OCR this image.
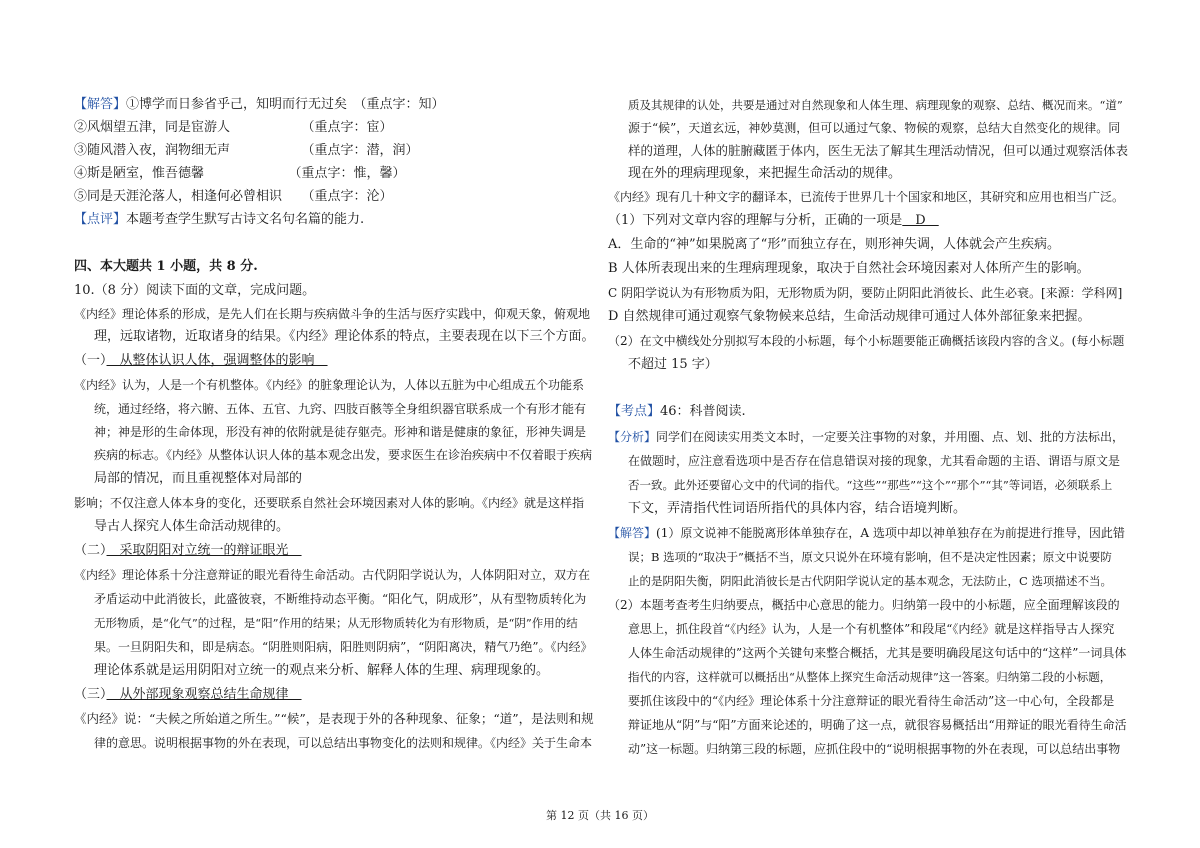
【解答】①博学而日参省乎己，知明而行无过矣　（重点字：知）
②风烟望五津，同是宦游人　　　　　　（重点字：宦）
③随风潜入夜，润物细无声　　　　　　（重点字：潜，润）
④斯是陋室，惟吾德馨　　　　　　　（重点字：惟，馨）
⑤同是天涯沦落人，相逢何必曾相识　　（重点字：沦）
【点评】本题考查学生默写古诗文名句名篇的能力.
四、本大题共 1 小题，共 8 分.
10.（8 分）阅读下面的文章，完成问题。
《内经》理论体系的形成，是先人们在长期与疾病做斗争的生活与医疗实践中，仰观天象，俯观地
理，远取诸物，近取诸身的结果。《内经》理论体系的特点，主要表现在以下三个方面。
（一）　从整体认识人体，强调整体的影响　
《内经》认为，人是一个有机整体。《内经》的脏象理论认为，人体以五脏为中心组成五个功能系
统，通过经络，将六腑、五体、五官、九窍、四肢百骸等全身组织器官联系成一个有形才能有
神；神是形的生命体现，形没有神的依附就是徒存躯壳。形神和谐是健康的象征，形神失调是
疾病的标志。《内经》从整体认识人体的基本观念出发，要求医生在诊治疾病中不仅着眼于疾病
局部的情况，而且重视整体对局部的
影响；不仅注意人体本身的变化，还要联系自然社会环境因素对人体的影响。《内经》就是这样指
导古人探究人体生命活动规律的。
（二）　采取阴阳对立统一的辩证眼光　
《内经》理论体系十分注意辩证的眼光看待生命活动。古代阴阳学说认为，人体阴阳对立，双方在
矛盾运动中此消彼长，此盛彼衰，不断维持动态平衡。“阳化气，阴成形”，从有型物质转化为
无形物质，是“化气”的过程，是“阳”作用的结果；从无形物质转化为有形物质，是“阴”作用的结
果。一旦阴阳失和，即是病态。“阴胜则阳病，阳胜则阴病”，“阴阳离决，精气乃绝”。《内经》
理论体系就是运用阴阳对立统一的观点来分析、解释人体的生理、病理现象的。
（三）　从外部现象观察总结生命规律　
《内经》说：“夫候之所始道之所生。”“候”，是表现于外的各种现象、征象；“道”，是法则和规
律的意思。说明根据事物的外在表现，可以总结出事物变化的法则和规律。《内经》关于生命本
质及其规律的认处，共要是通过对自然现象和人体生理、病理现象的观察、总结、概况而来。“道”
源于“候”，天道玄远，神妙莫测，但可以通过气象、物候的观察，总结大自然变化的规律。同
样的道理，人体的脏腑藏匿于体内，医生无法了解其生理活动情况，但可以通过观察活体表
现在外的理病理现象，来把握生命活动的规律。
《内经》现有几十种文字的翻译本，已流传于世界几十个国家和地区，其研究和应用也相当广泛。
（1）下列对文章内容的理解与分析，正确的一项是　D　
A．生命的“神”如果脱离了“形”而独立存在，则形神失调，人体就会产生疾病。
B 人体所表现出来的生理病理现象，取决于自然社会环境因素对人体所产生的影响。
C 阴阳学说认为有形物质为阳，无形物质为阴，要防止阴阳此消彼长、此生必衰。[来源：学科网]
D 自然规律可通过观察气象物候来总结，生命活动规律可通过人体外部征象来把握。
（2）在文中横线处分别拟写本段的小标题，每个小标题要能正确概括该段内容的含义。(每小标题
不超过 15 字）
【考点】46：科普阅读.
【分析】同学们在阅读实用类文本时，一定要关注事物的对象，并用圈、点、划、批的方法标出，
在做题时，应注意看选项中是否存在信息错误对接的现象，尤其看命题的主语、谓语与原文是
否一致。此外还要留心文中的代词的指代。“这些”“那些”“这个”“那个”“其”等词语，必须联系上
下文，弄清指代性词语所指代的具体内容，结合语境判断。
【解答】(1）原文说神不能脱离形体单独存在，A 选项中却以神单独存在为前提进行推导，因此错
误；B 选项的“取决于”概括不当，原文只说外在环境有影响，但不是决定性因素；原文中说要防
止的是阴阳失衡，阴阳此消彼长是古代阴阳学说认定的基本观念，无法防止，C 选项描述不当。
（2）本题考查考生归纳要点，概括中心意思的能力。归纳第一段中的小标题，应全面理解该段的
意思上，抓住段首“《内经》认为，人是一个有机整体”和段尾“《内经》就是这样指导古人探究
人体生命活动规律的”这两个关键句来整合概括，尤其是要明确段尾这句话中的“这样”一词具体
指代的内容，这样就可以概括出“从整体上探究生命活动规律”这一答案。归纳第二段的小标题，
要抓住该段中的“《内经》理论体系十分注意辩证的眼光看待生命活动”这一中心句，全段都是
辩证地从“阴”与“阳”方面来论述的，明确了这一点，就很容易概括出“用辩证的眼光看待生命活
动”这一标题。归纳第三段的标题，应抓住段中的“说明根据事物的外在表现，可以总结出事物
第 12 页（共 16 页）
